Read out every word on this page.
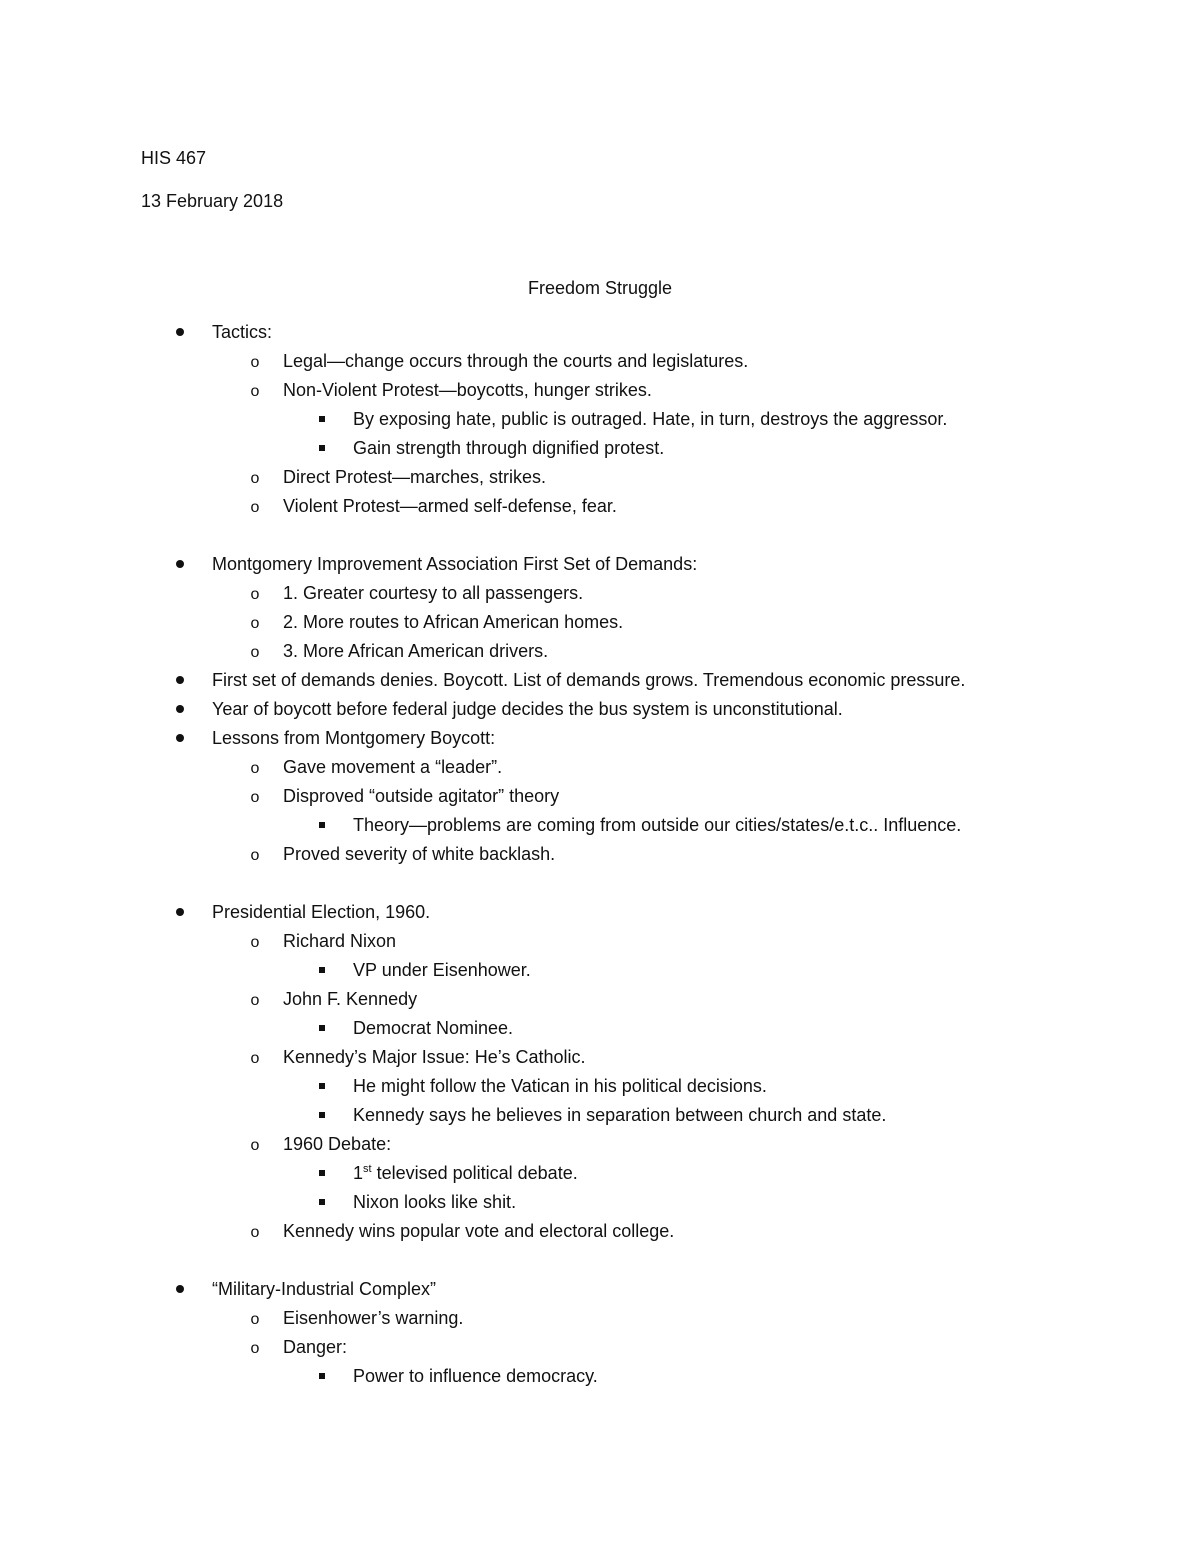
HIS 467
13 February 2018
Freedom Struggle
Tactics:
o	Legal—change occurs through the courts and legislatures.
o	Non-Violent Protest—boycotts, hunger strikes.
By exposing hate, public is outraged. Hate, in turn, destroys the aggressor.
Gain strength through dignified protest.
o	Direct Protest—marches, strikes.
o	Violent Protest—armed self-defense, fear.
Montgomery Improvement Association First Set of Demands:
o	1. Greater courtesy to all passengers.
o	2. More routes to African American homes.
o	3. More African American drivers.
First set of demands denies. Boycott. List of demands grows. Tremendous economic pressure.
Year of boycott before federal judge decides the bus system is unconstitutional.
Lessons from Montgomery Boycott:
o	Gave movement a “leader”.
o	Disproved “outside agitator” theory
Theory—problems are coming from outside our cities/states/e.t.c.. Influence.
o	Proved severity of white backlash.
Presidential Election, 1960.
o	Richard Nixon
VP under Eisenhower.
o	John F. Kennedy
Democrat Nominee.
o	Kennedy’s Major Issue: He’s Catholic.
He might follow the Vatican in his political decisions.
Kennedy says he believes in separation between church and state.
o	1960 Debate:
1st televised political debate.
Nixon looks like shit.
o	Kennedy wins popular vote and electoral college.
“Military-Industrial Complex”
o	Eisenhower’s warning.
o	Danger:
Power to influence democracy.
